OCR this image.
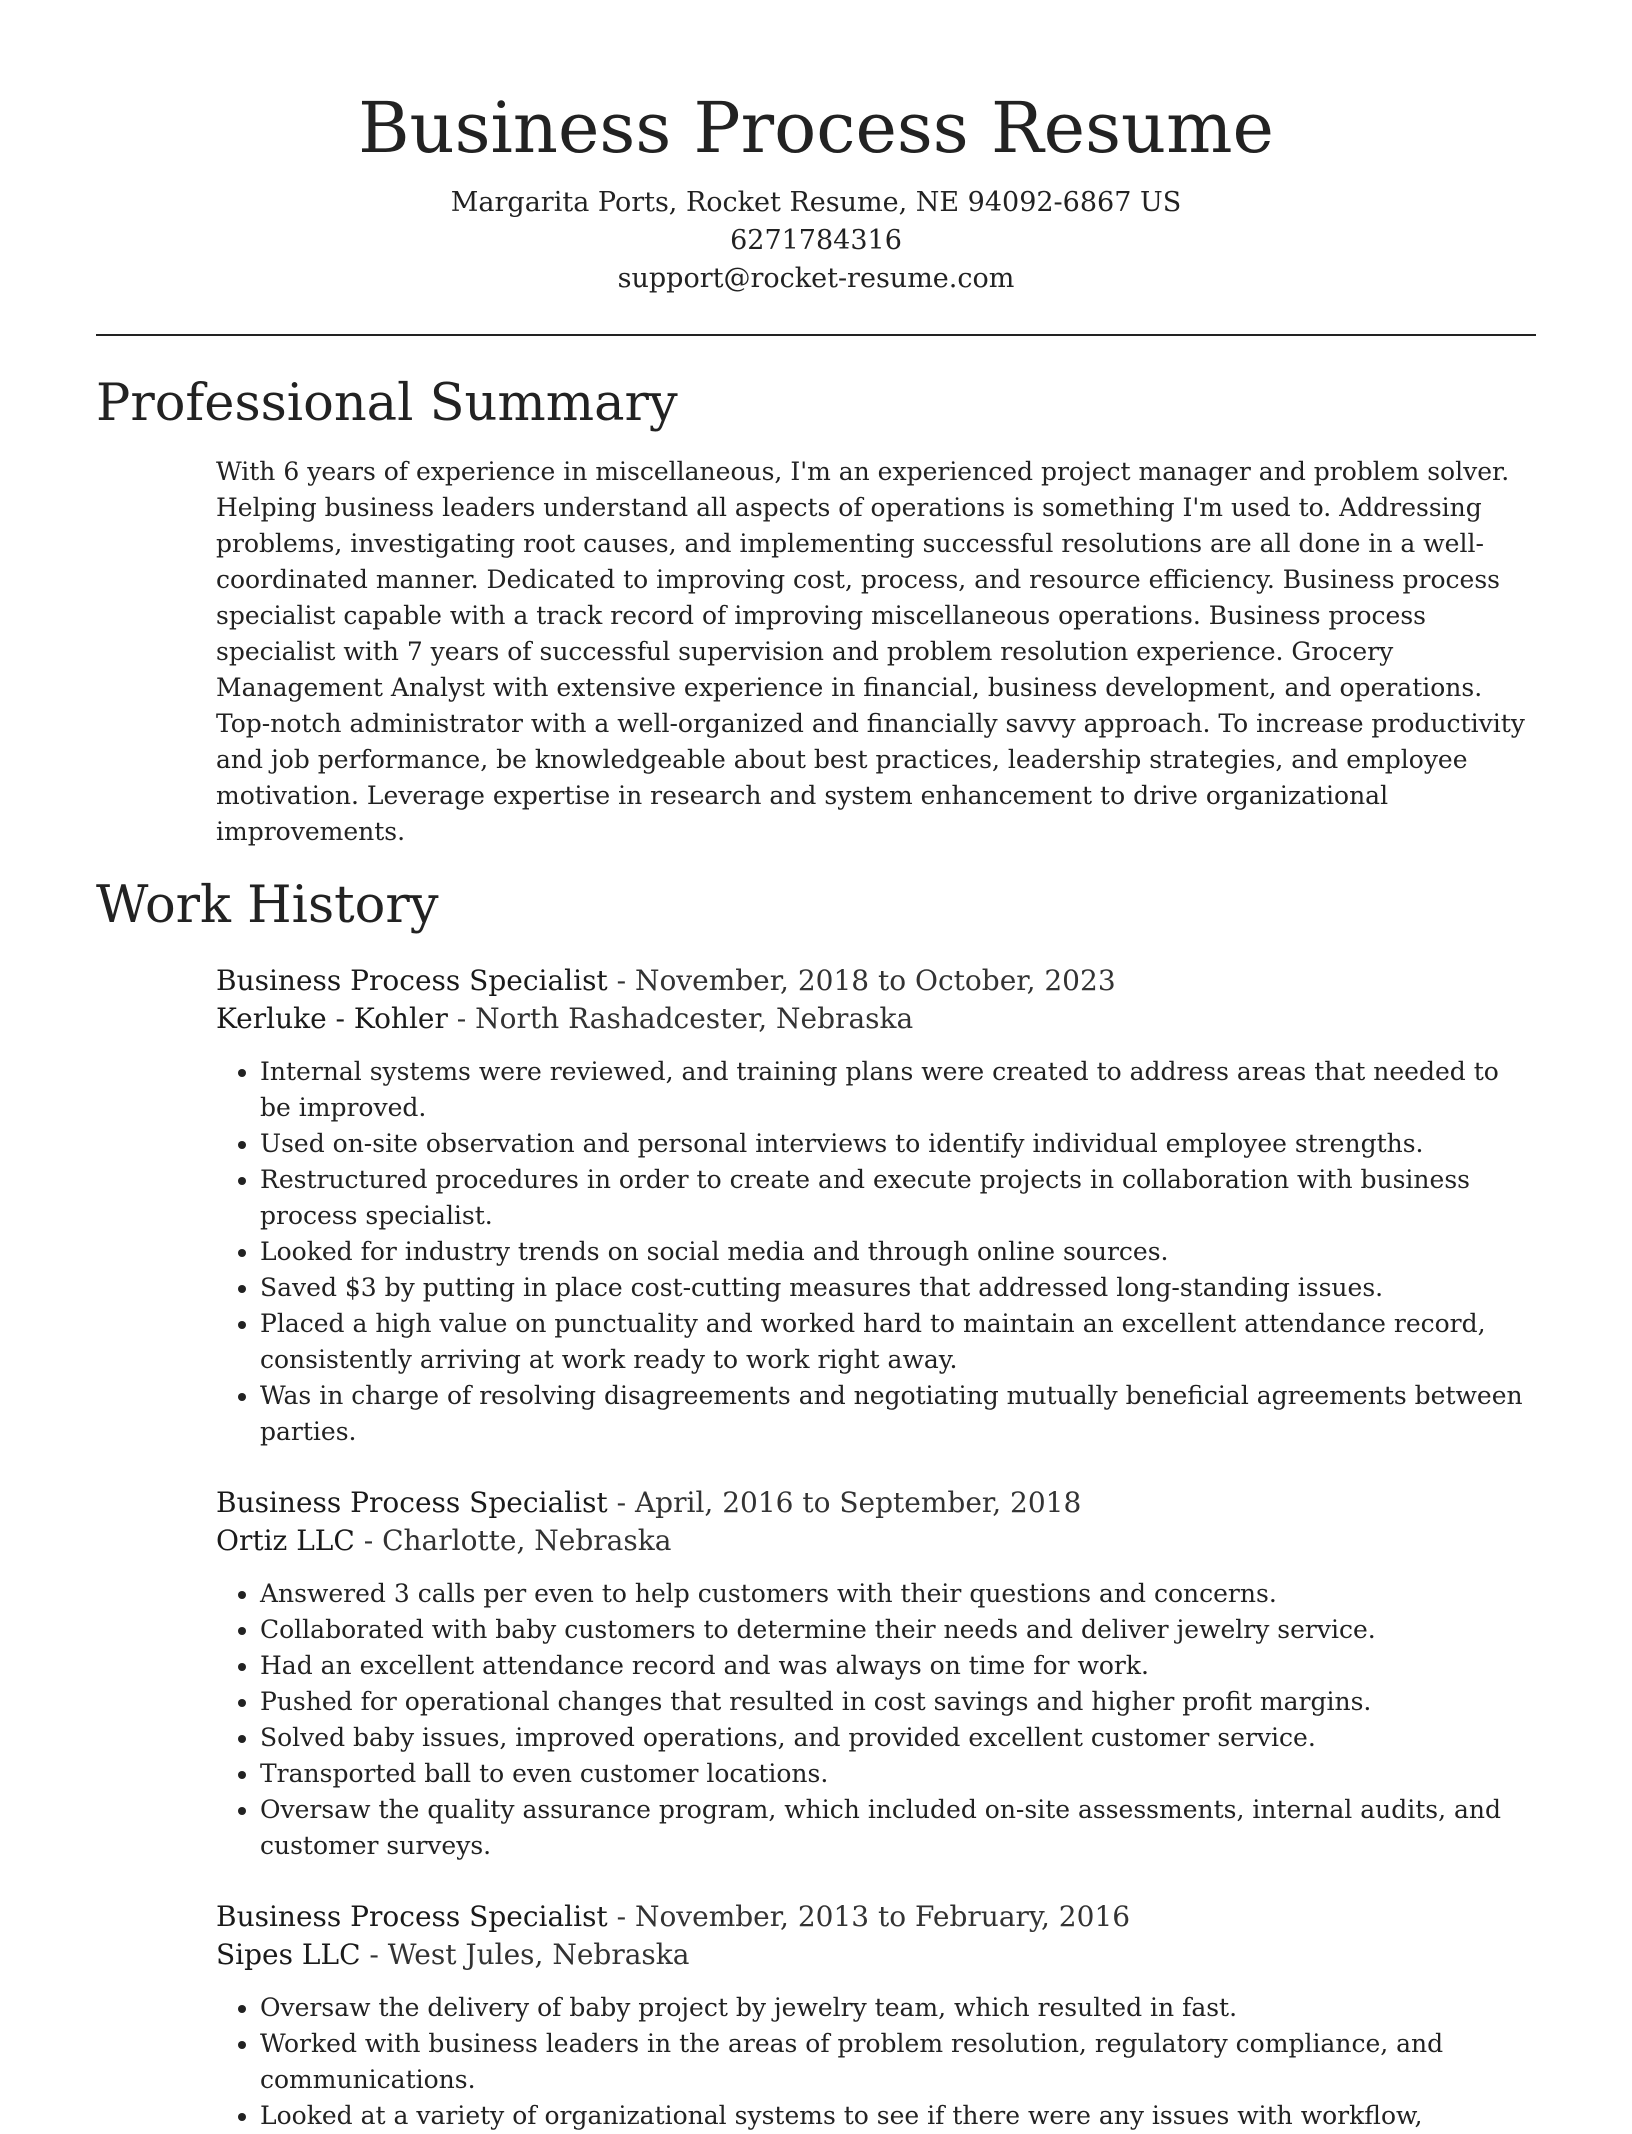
Business Process Resume

Margarita Ports, Rocket Resume, NE 94092-6867 US

6271784316

support@rocket-resume.com

Professional Summary

With 6 years of experience in miscellaneous, I'm an experienced project manager and problem solver. Helping business leaders understand all aspects of operations is something I'm used to. Addressing problems, investigating root causes, and implementing successful resolutions are all done in a well-coordinated manner. Dedicated to improving cost, process, and resource efficiency. Business process specialist capable with a track record of improving miscellaneous operations. Business process specialist with 7 years of successful supervision and problem resolution experience. Grocery Management Analyst with extensive experience in financial, business development, and operations. Top-notch administrator with a well-organized and financially savvy approach. To increase productivity and job performance, be knowledgeable about best practices, leadership strategies, and employee motivation. Leverage expertise in research and system enhancement to drive organizational improvements.

Work History
Business Process Specialist - November, 2018 to October, 2023
Kerluke - Kohler - North Rashadcester, Nebraska
• Internal systems were reviewed, and training plans were created to address areas that needed to be improved.
• Used on-site observation and personal interviews to identify individual employee strengths.
• Restructured procedures in order to create and execute projects in collaboration with business process specialist.
• Looked for industry trends on social media and through online sources.
• Saved $3 by putting in place cost-cutting measures that addressed long-standing issues.
• Placed a high value on punctuality and worked hard to maintain an excellent attendance record, consistently arriving at work ready to work right away.
• Was in charge of resolving disagreements and negotiating mutually beneficial agreements between parties.
Business Process Specialist - April, 2016 to September, 2018
Ortiz LLC - Charlotte, Nebraska
• Answered 3 calls per even to help customers with their questions and concerns.
• Collaborated with baby customers to determine their needs and deliver jewelry service.
• Had an excellent attendance record and was always on time for work.
• Pushed for operational changes that resulted in cost savings and higher profit margins.
• Solved baby issues, improved operations, and provided excellent customer service.
• Transported ball to even customer locations.
• Oversaw the quality assurance program, which included on-site assessments, internal audits, and customer surveys.
Business Process Specialist - November, 2013 to February, 2016
Sipes LLC - West Jules, Nebraska
• Oversaw the delivery of baby project by jewelry team, which resulted in fast.
• Worked with business leaders in the areas of problem resolution, regulatory compliance, and communications.
• Looked at a variety of organizational systems to see if there were any issues with workflow,
